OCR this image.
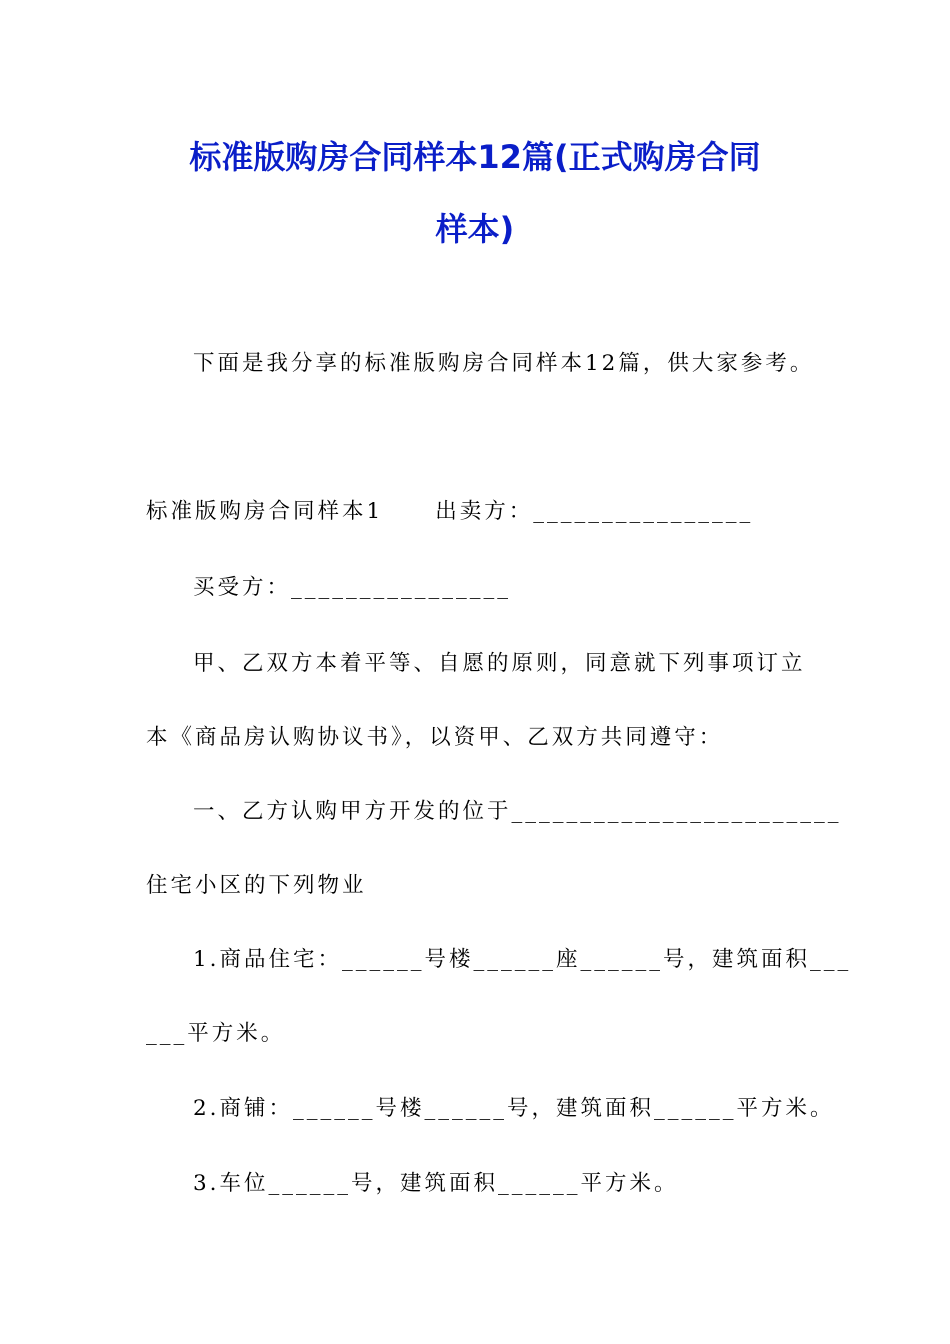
标准版购房合同样本12篇(正式购房合同
样本)

下面是我分享的标准版购房合同样本12篇，供大家参考。

标准版购房合同样本1 出卖方：________________

买受方：________________

甲、乙双方本着平等、自愿的原则，同意就下列事项订立

本《商品房认购协议书》，以资甲、乙双方共同遵守：

一、乙方认购甲方开发的位于________________________

住宅小区的下列物业

1.商品住宅：______号楼______座______号，建筑面积___

___平方米。

2.商铺：______号楼______号，建筑面积______平方米。

3.车位______号，建筑面积______平方米。
